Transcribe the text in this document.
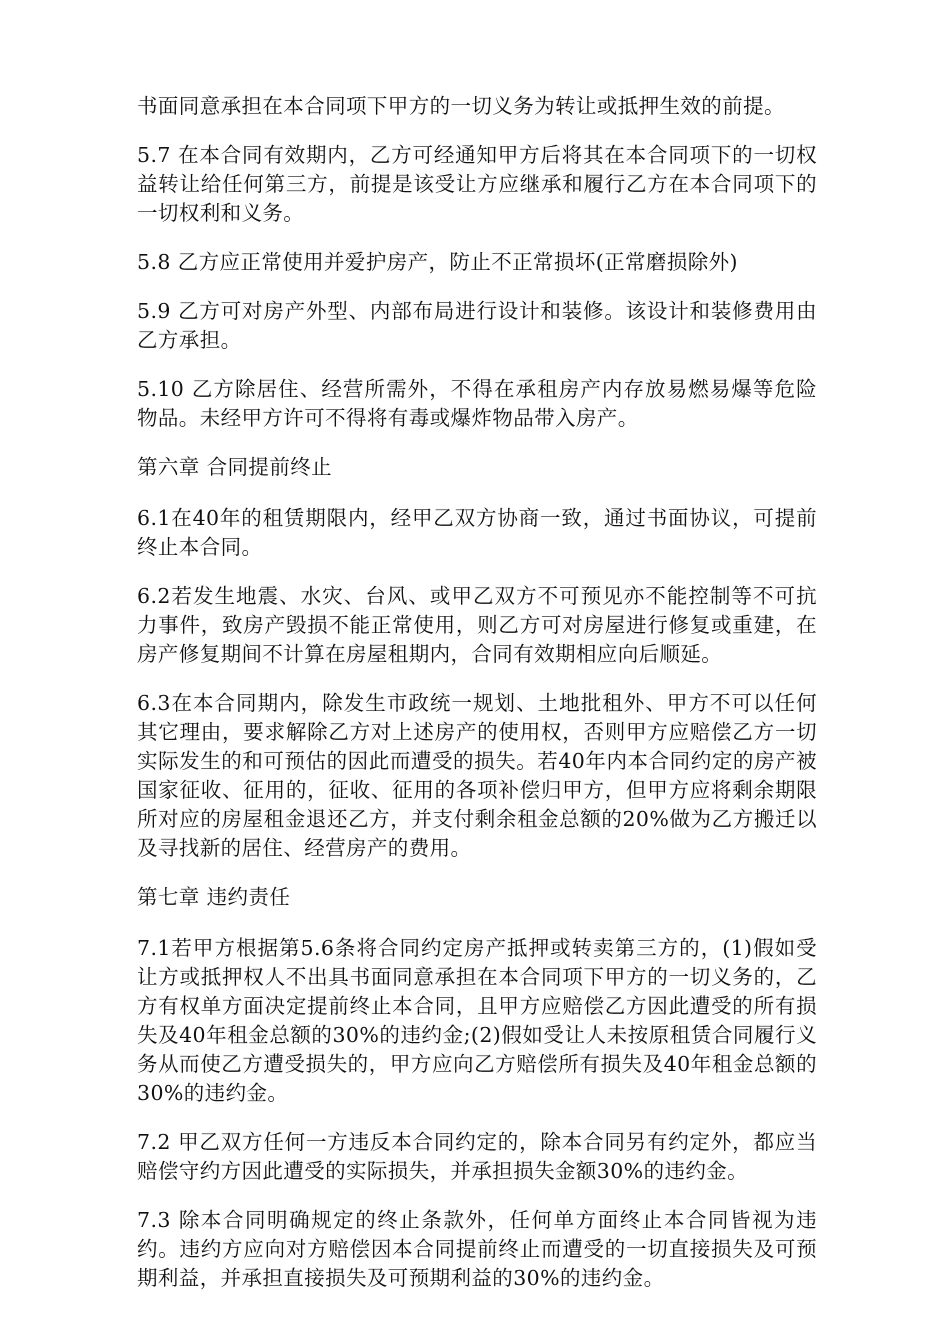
书面同意承担在本合同项下甲方的一切义务为转让或抵押生效的前提。

5.7 在本合同有效期内，乙方可经通知甲方后将其在本合同项下的一切权益转让给任何第三方，前提是该受让方应继承和履行乙方在本合同项下的一切权利和义务。

5.8 乙方应正常使用并爱护房产，防止不正常损坏(正常磨损除外)

5.9 乙方可对房产外型、内部布局进行设计和装修。该设计和装修费用由乙方承担。

5.10 乙方除居住、经营所需外，不得在承租房产内存放易燃易爆等危险物品。未经甲方许可不得将有毒或爆炸物品带入房产。

第六章 合同提前终止

6.1在40年的租赁期限内，经甲乙双方协商一致，通过书面协议，可提前终止本合同。

6.2若发生地震、水灾、台风、或甲乙双方不可预见亦不能控制等不可抗力事件，致房产毁损不能正常使用，则乙方可对房屋进行修复或重建，在房产修复期间不计算在房屋租期内，合同有效期相应向后顺延。

6.3在本合同期内，除发生市政统一规划、土地批租外、甲方不可以任何其它理由，要求解除乙方对上述房产的使用权，否则甲方应赔偿乙方一切实际发生的和可预估的因此而遭受的损失。若40年内本合同约定的房产被国家征收、征用的，征收、征用的各项补偿归甲方，但甲方应将剩余期限所对应的房屋租金退还乙方，并支付剩余租金总额的20%做为乙方搬迁以及寻找新的居住、经营房产的费用。

第七章 违约责任

7.1若甲方根据第5.6条将合同约定房产抵押或转卖第三方的，(1)假如受让方或抵押权人不出具书面同意承担在本合同项下甲方的一切义务的，乙方有权单方面决定提前终止本合同，且甲方应赔偿乙方因此遭受的所有损失及40年租金总额的30%的违约金;(2)假如受让人未按原租赁合同履行义务从而使乙方遭受损失的，甲方应向乙方赔偿所有损失及40年租金总额的30%的违约金。

7.2 甲乙双方任何一方违反本合同约定的，除本合同另有约定外，都应当赔偿守约方因此遭受的实际损失，并承担损失金额30%的违约金。

7.3 除本合同明确规定的终止条款外，任何单方面终止本合同皆视为违约。违约方应向对方赔偿因本合同提前终止而遭受的一切直接损失及可预期利益，并承担直接损失及可预期利益的30%的违约金。
